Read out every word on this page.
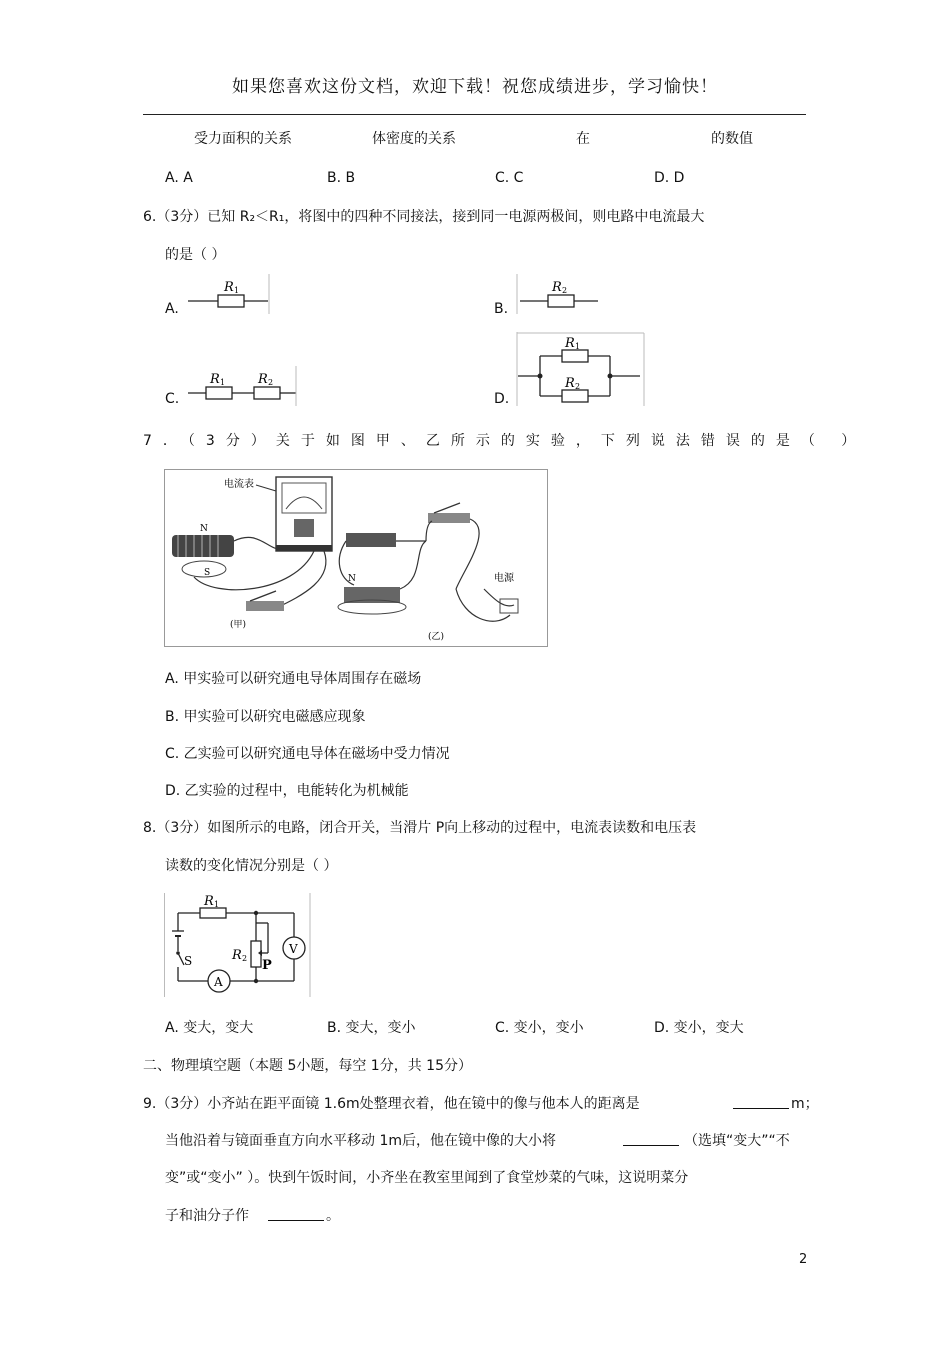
如果您喜欢这份文档，欢迎下载！祝您成绩进步，学习愉快！
受力面积的关系	体密度的关系	在	的数值
A. A	B. B	C. C	D. D
6.（3分）已知 R₂＜R₁，将图中的四种不同接法，接到同一电源两极间，则电路中电流最大
的是（ ）
A.
R 1
B.
R 2
C.
R 1	R 2
D.
R 1
R 2
7．（3分）关于如图甲、乙所示的实验，下列说法错误的是（ ）
电流表
N
S
(甲)
N	电源
(乙)
A. 甲实验可以研究通电导体周围存在磁场
B. 甲实验可以研究电磁感应现象
C. 乙实验可以研究通电导体在磁场中受力情况
D. 乙实验的过程中，电能转化为机械能
8.（3分）如图所示的电路，闭合开关，当滑片 P向上移动的过程中，电流表读数和电压表
读数的变化情况分别是（ ）
R 1
S
A
R 2 P
V
A. 变大，变大	B. 变大，变小	C. 变小，变小	D. 变小，变大
二、物理填空题（本题 5小题，每空 1分，共 15分）
9.（3分）小齐站在距平面镜 1.6m处整理衣着，他在镜中的像与他本人的距离是	m；
当他沿着与镜面垂直方向水平移动 1m后，他在镜中像的大小将	（选填“变大”“不
变”或“变小” ）。快到午饭时间，小齐坐在教室里闻到了食堂炒菜的气味，这说明菜分
子和油分子作	。
2
